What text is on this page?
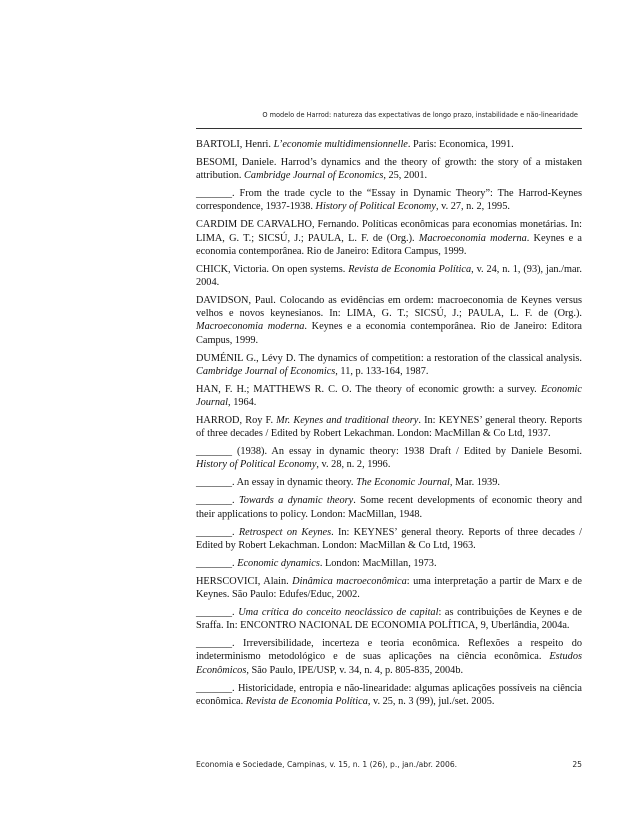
O modelo de Harrod: natureza das expectativas de longo prazo, instabilidade e não-linearidade

BARTOLI, Henri. L’economie multidimensionnelle. Paris: Economica, 1991.

BESOMI, Daniele. Harrod’s dynamics and the theory of growth: the story of a mistaken attribution. Cambridge Journal of Economics, 25, 2001.

_______. From the trade cycle to the “Essay in Dynamic Theory”: The Harrod-Keynes correspondence, 1937-1938. History of Political Economy, v. 27, n. 2, 1995.

CARDIM DE CARVALHO, Fernando. Políticas econômicas para economias monetárias. In: LIMA, G. T.; SICSÚ, J.; PAULA, L. F. de (Org.). Macroeconomia moderna. Keynes e a economia contemporânea. Rio de Janeiro: Editora Campus, 1999.

CHICK, Victoria. On open systems. Revista de Economia Política, v. 24, n. 1, (93), jan./mar. 2004.

DAVIDSON, Paul. Colocando as evidências em ordem: macroeconomia de Keynes versus velhos e novos keynesianos. In: LIMA, G. T.; SICSÚ, J.; PAULA, L. F. de (Org.). Macroeconomia moderna. Keynes e a economia contemporânea. Rio de Janeiro: Editora Campus, 1999.

DUMÉNIL G., Lévy D. The dynamics of competition: a restoration of the classical analysis. Cambridge Journal of Economics, 11, p. 133-164, 1987.

HAN, F. H.; MATTHEWS R. C. O. The theory of economic growth: a survey. Economic Journal, 1964.

HARROD, Roy F. Mr. Keynes and traditional theory. In: KEYNES’ general theory. Reports of three decades / Edited by Robert Lekachman. London: MacMillan & Co Ltd, 1937.

_______ (1938). An essay in dynamic theory: 1938 Draft / Edited by Daniele Besomi. History of Political Economy, v. 28, n. 2, 1996.

_______. An essay in dynamic theory. The Economic Journal, Mar. 1939.

_______. Towards a dynamic theory. Some recent developments of economic theory and their applications to policy. London: MacMillan, 1948.

_______. Retrospect on Keynes. In: KEYNES’ general theory. Reports of three decades / Edited by Robert Lekachman. London: MacMillan & Co Ltd, 1963.

_______. Economic dynamics. London: MacMillan, 1973.

HERSCOVICI, Alain. Dinâmica macroeconômica: uma interpretação a partir de Marx e de Keynes. São Paulo: Edufes/Educ, 2002.

_______. Uma crítica do conceito neoclássico de capital: as contribuições de Keynes e de Sraffa. In: ENCONTRO NACIONAL DE ECONOMIA POLÍTICA, 9, Uberlândia, 2004a.

_______. Irreversibilidade, incerteza e teoria econômica. Reflexões a respeito do indeterminismo metodológico e de suas aplicações na ciência econômica. Estudos Econômicos, São Paulo, IPE/USP, v. 34, n. 4, p. 805-835, 2004b.

_______. Historicidade, entropia e não-linearidade: algumas aplicações possíveis na ciência econômica. Revista de Economia Política, v. 25, n. 3 (99), jul./set. 2005.

Economia e Sociedade, Campinas, v. 15, n. 1 (26), p., jan./abr. 2006.	25
